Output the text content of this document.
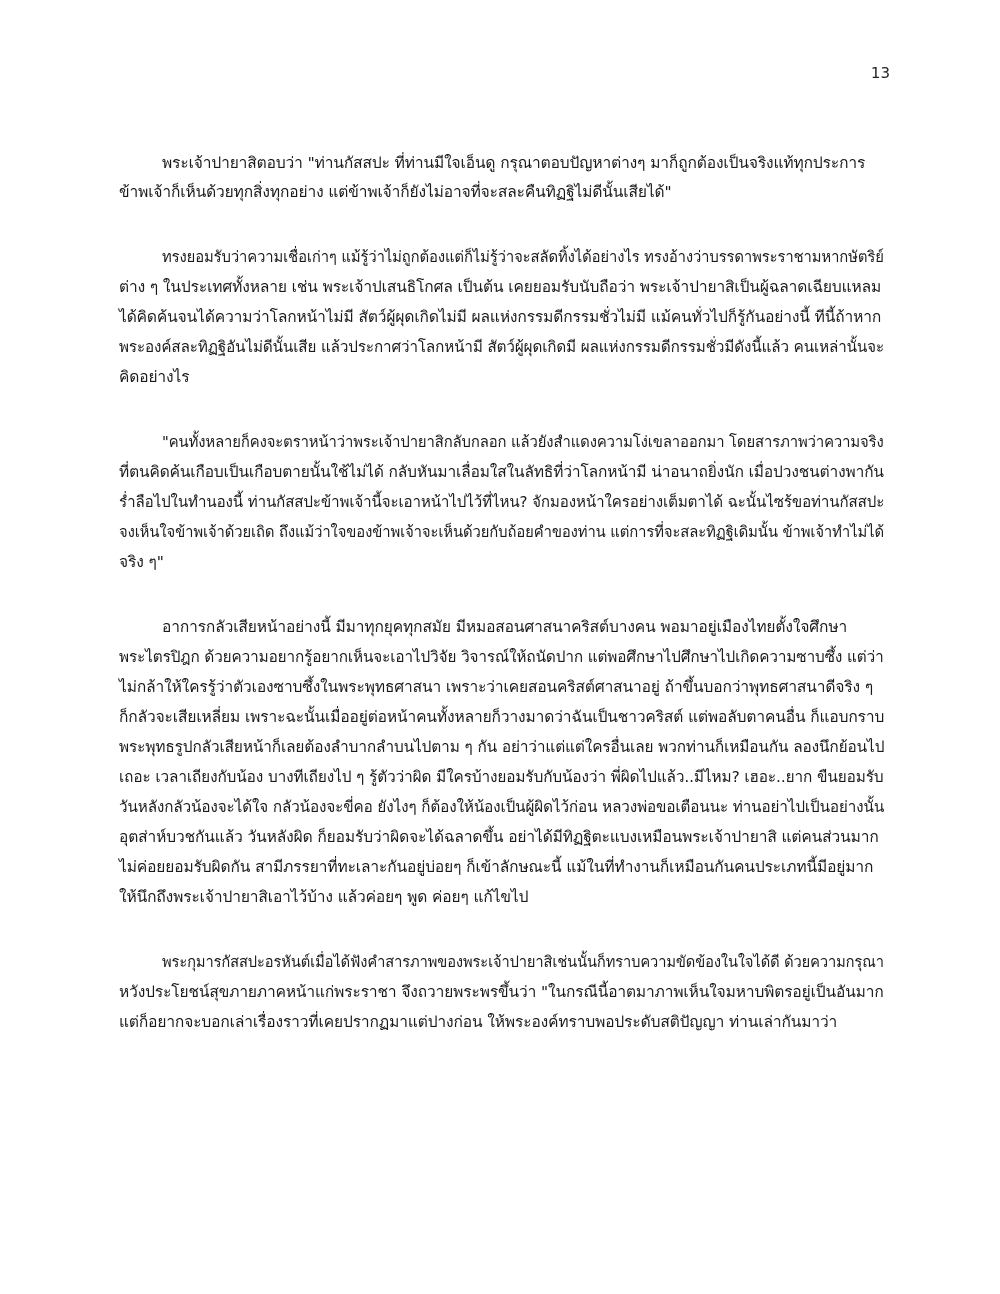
13
พระเจ้าปายาสิตอบว่า "ท่านกัสสปะ ที่ท่านมีใจเอ็นดู กรุณาตอบปัญหาต่างๆ มาก็ถูกต้องเป็นจริงแท้ทุกประการ
ข้าพเจ้าก็เห็นด้วยทุกสิ่งทุกอย่าง แต่ข้าพเจ้าก็ยังไม่อาจที่จะสละคืนทิฏฐิไม่ดีนั้นเสียได้"
ทรงยอมรับว่าความเชื่อเก่าๆ แม้รู้ว่าไม่ถูกต้องแต่ก็ไม่รู้ว่าจะสลัดทิ้งได้อย่างไร ทรงอ้างว่าบรรดาพระราชามหากษัตริย์
ต่าง ๆ ในประเทศทั้งหลาย เช่น พระเจ้าปเสนธิโกศล เป็นต้น เคยยอมรับนับถือว่า พระเจ้าปายาสิเป็นผู้ฉลาดเฉียบแหลม
ได้คิดค้นจนได้ความว่าโลกหน้าไม่มี สัตว์ผู้ผุดเกิดไม่มี ผลแห่งกรรมดีกรรมชั่วไม่มี แม้คนทั่วไปก็รู้กันอย่างนี้ ทีนี้ถ้าหาก
พระองค์สละทิฏฐิอันไม่ดีนั้นเสีย แล้วประกาศว่าโลกหน้ามี สัตว์ผู้ผุดเกิดมี ผลแห่งกรรมดีกรรมชั่วมีดังนี้แล้ว คนเหล่านั้นจะ
คิดอย่างไร
"คนทั้งหลายก็คงจะตราหน้าว่าพระเจ้าปายาสิกลับกลอก แล้วยังสำแดงความโง่เขลาออกมา โดยสารภาพว่าความจริง
ที่ตนคิดค้นเกือบเป็นเกือบตายนั้นใช้ไม่ได้ กลับหันมาเลื่อมใสในลัทธิที่ว่าโลกหน้ามี น่าอนาถยิ่งนัก เมื่อปวงชนต่างพากัน
ร่ำลือไปในทำนองนี้ ท่านกัสสปะข้าพเจ้านี้จะเอาหน้าไปไว้ที่ไหน? จักมองหน้าใครอย่างเต็มตาได้ ฉะนั้นไซร้ขอท่านกัสสปะ
จงเห็นใจข้าพเจ้าด้วยเถิด ถึงแม้ว่าใจของข้าพเจ้าจะเห็นด้วยกับถ้อยคำของท่าน แต่การที่จะสละทิฏฐิเดิมนั้น ข้าพเจ้าทำไม่ได้
จริง ๆ"
อาการกลัวเสียหน้าอย่างนี้ มีมาทุกยุคทุกสมัย มีหมอสอนศาสนาคริสต์บางคน พอมาอยู่เมืองไทยตั้งใจศึกษา
พระไตรปิฎก ด้วยความอยากรู้อยากเห็นจะเอาไปวิจัย วิจารณ์ให้ถนัดปาก แต่พอศึกษาไปศึกษาไปเกิดความซาบซึ้ง แต่ว่า
ไม่กล้าให้ใครรู้ว่าตัวเองซาบซึ้งในพระพุทธศาสนา เพราะว่าเคยสอนคริสต์ศาสนาอยู่ ถ้าขึ้นบอกว่าพุทธศาสนาดีจริง ๆ
ก็กลัวจะเสียเหลี่ยม เพราะฉะนั้นเมื่ออยู่ต่อหน้าคนทั้งหลายก็วางมาดว่าฉันเป็นชาวคริสต์ แต่พอลับตาคนอื่น ก็แอบกราบ
พระพุทธรูปกลัวเสียหน้าก็เลยต้องลำบากลำบนไปตาม ๆ กัน อย่าว่าแต่แต่ใครอื่นเลย พวกท่านก็เหมือนกัน ลองนึกย้อนไป
เถอะ เวลาเถียงกับน้อง บางทีเถียงไป ๆ รู้ตัวว่าผิด มีใครบ้างยอมรับกับน้องว่า พี่ผิดไปแล้ว..มีไหม? เฮอะ..ยาก ขืนยอมรับ
วันหลังกลัวน้องจะได้ใจ กลัวน้องจะขี่คอ ยังไงๆ ก็ต้องให้น้องเป็นผู้ผิดไว้ก่อน หลวงพ่อขอเตือนนะ ท่านอย่าไปเป็นอย่างนั้น
อุตส่าห์บวชกันแล้ว วันหลังผิด ก็ยอมรับว่าผิดจะได้ฉลาดขึ้น อย่าได้มีทิฏฐิตะแบงเหมือนพระเจ้าปายาสิ แต่คนส่วนมาก
ไม่ค่อยยอมรับผิดกัน สามีภรรยาที่ทะเลาะกันอยู่บ่อยๆ ก็เข้าลักษณะนี้ แม้ในที่ทำงานก็เหมือนกันคนประเภทนี้มีอยู่มาก
ให้นึกถึงพระเจ้าปายาสิเอาไว้บ้าง แล้วค่อยๆ พูด ค่อยๆ แก้ไขไป
พระกุมารกัสสปะอรหันต์เมื่อได้ฟังคำสารภาพของพระเจ้าปายาสิเช่นนั้นก็ทราบความขัดข้องในใจได้ดี ด้วยความกรุณา
หวังประโยชน์สุขภายภาคหน้าแก่พระราชา จึงถวายพระพรขึ้นว่า "ในกรณีนี้อาตมาภาพเห็นใจมหาบพิตรอยู่เป็นอันมาก
แต่ก็อยากจะบอกเล่าเรื่องราวที่เคยปรากฏมาแต่ปางก่อน ให้พระองค์ทราบพอประดับสติปัญญา ท่านเล่ากันมาว่า
